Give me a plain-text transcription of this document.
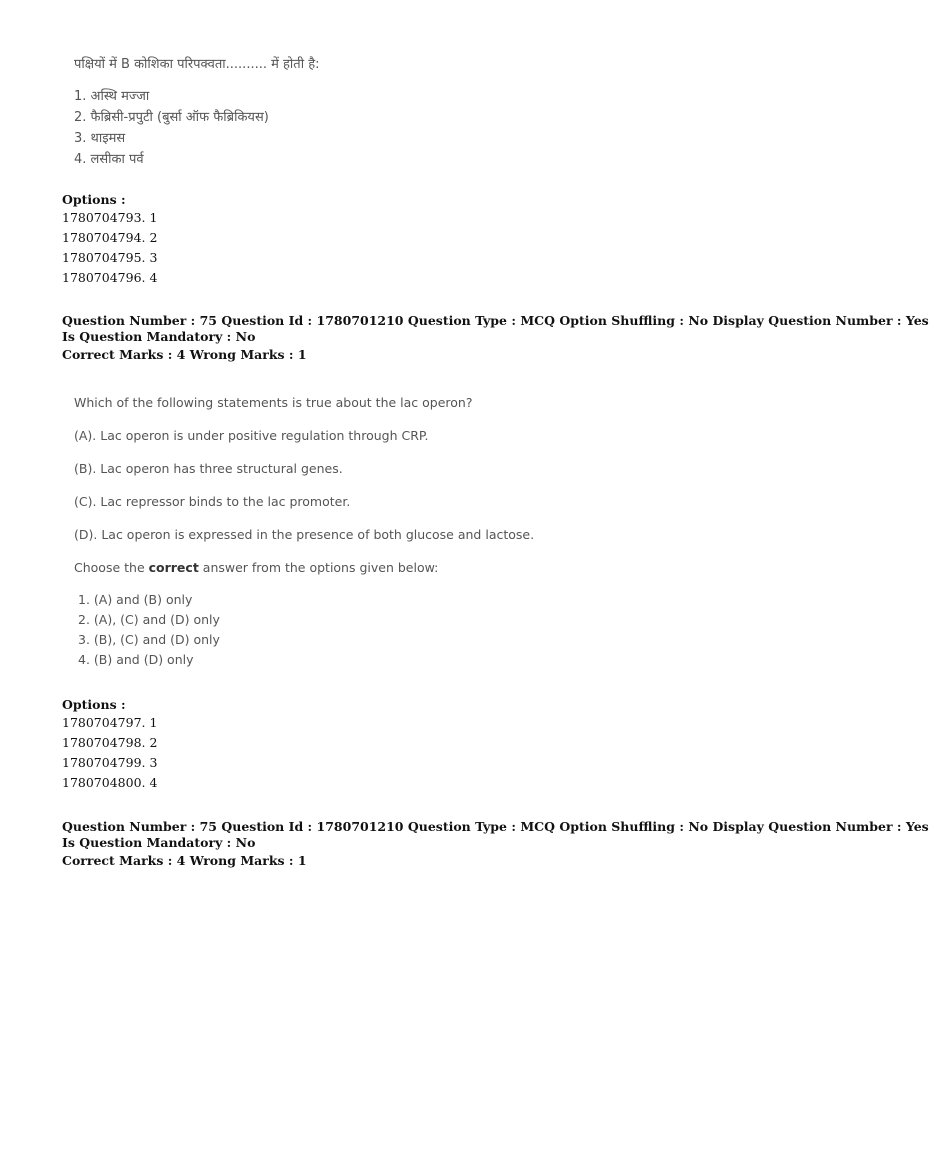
पक्षियों में B कोशिका परिपक्वता.......... में होती है:
1. अस्थि मज्जा
2. फैब्रिसी-प्रपुटी (बुर्सा ऑफ फैब्रिकियस)
3. थाइमस
4. लसीका पर्व
Options :
1780704793. 1
1780704794. 2
1780704795. 3
1780704796. 4
Question Number : 75 Question Id : 1780701210 Question Type : MCQ Option Shuffling : No Display Question Number : Yes
Is Question Mandatory : No
Correct Marks : 4 Wrong Marks : 1
Which of the following statements is true about the lac operon?
(A). Lac operon is under positive regulation through CRP.
(B). Lac operon has three structural genes.
(C). Lac repressor binds to the lac promoter.
(D). Lac operon is expressed in the presence of both glucose and lactose.
Choose the correct answer from the options given below:
1. (A) and (B) only
2. (A), (C) and (D) only
3. (B), (C) and (D) only
4. (B) and (D) only
Options :
1780704797. 1
1780704798. 2
1780704799. 3
1780704800. 4
Question Number : 75 Question Id : 1780701210 Question Type : MCQ Option Shuffling : No Display Question Number : Yes
Is Question Mandatory : No
Correct Marks : 4 Wrong Marks : 1
